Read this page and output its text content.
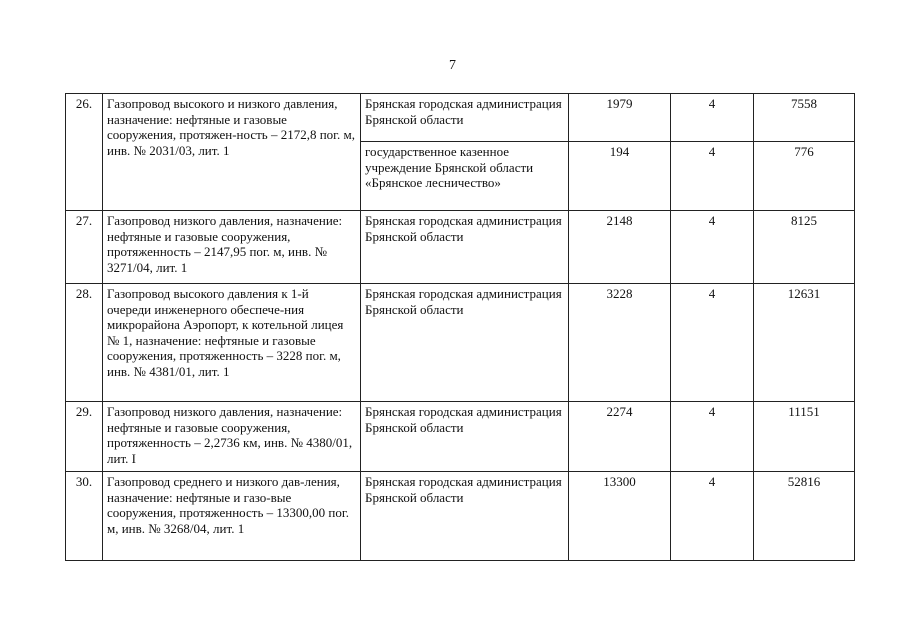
7
26.	Газопровод высокого и низкого давления, назначение: нефтяные и газовые сооружения, протяжен-ность – 2172,8 пог. м, инв. № 2031/03, лит. 1	Брянская городская администрация Брянской области	1979	4	7558
		государственное казенное учреждение Брянской области «Брянское лесничество»	194	4	776
27.	Газопровод низкого давления, назначение: нефтяные и газовые сооружения, протяженность – 2147,95 пог. м, инв. № 3271/04, лит. 1	Брянская городская администрация Брянской области	2148	4	8125
28.	Газопровод высокого давления к 1-й очереди инженерного обеспече-ния микрорайона Аэропорт, к котельной лицея № 1, назначение: нефтяные и газовые сооружения, протяженность – 3228 пог. м, инв. № 4381/01, лит. 1	Брянская городская администрация Брянской области	3228	4	12631
29.	Газопровод низкого давления, назначение: нефтяные и газовые сооружения, протяженность – 2,2736 км, инв. № 4380/01, лит. I	Брянская городская администрация Брянской области	2274	4	11151
30.	Газопровод среднего и низкого дав-ления, назначение: нефтяные и газо-вые сооружения, протяженность – 13300,00 пог. м, инв. № 3268/04, лит. 1	Брянская городская администрация Брянской области	13300	4	52816
